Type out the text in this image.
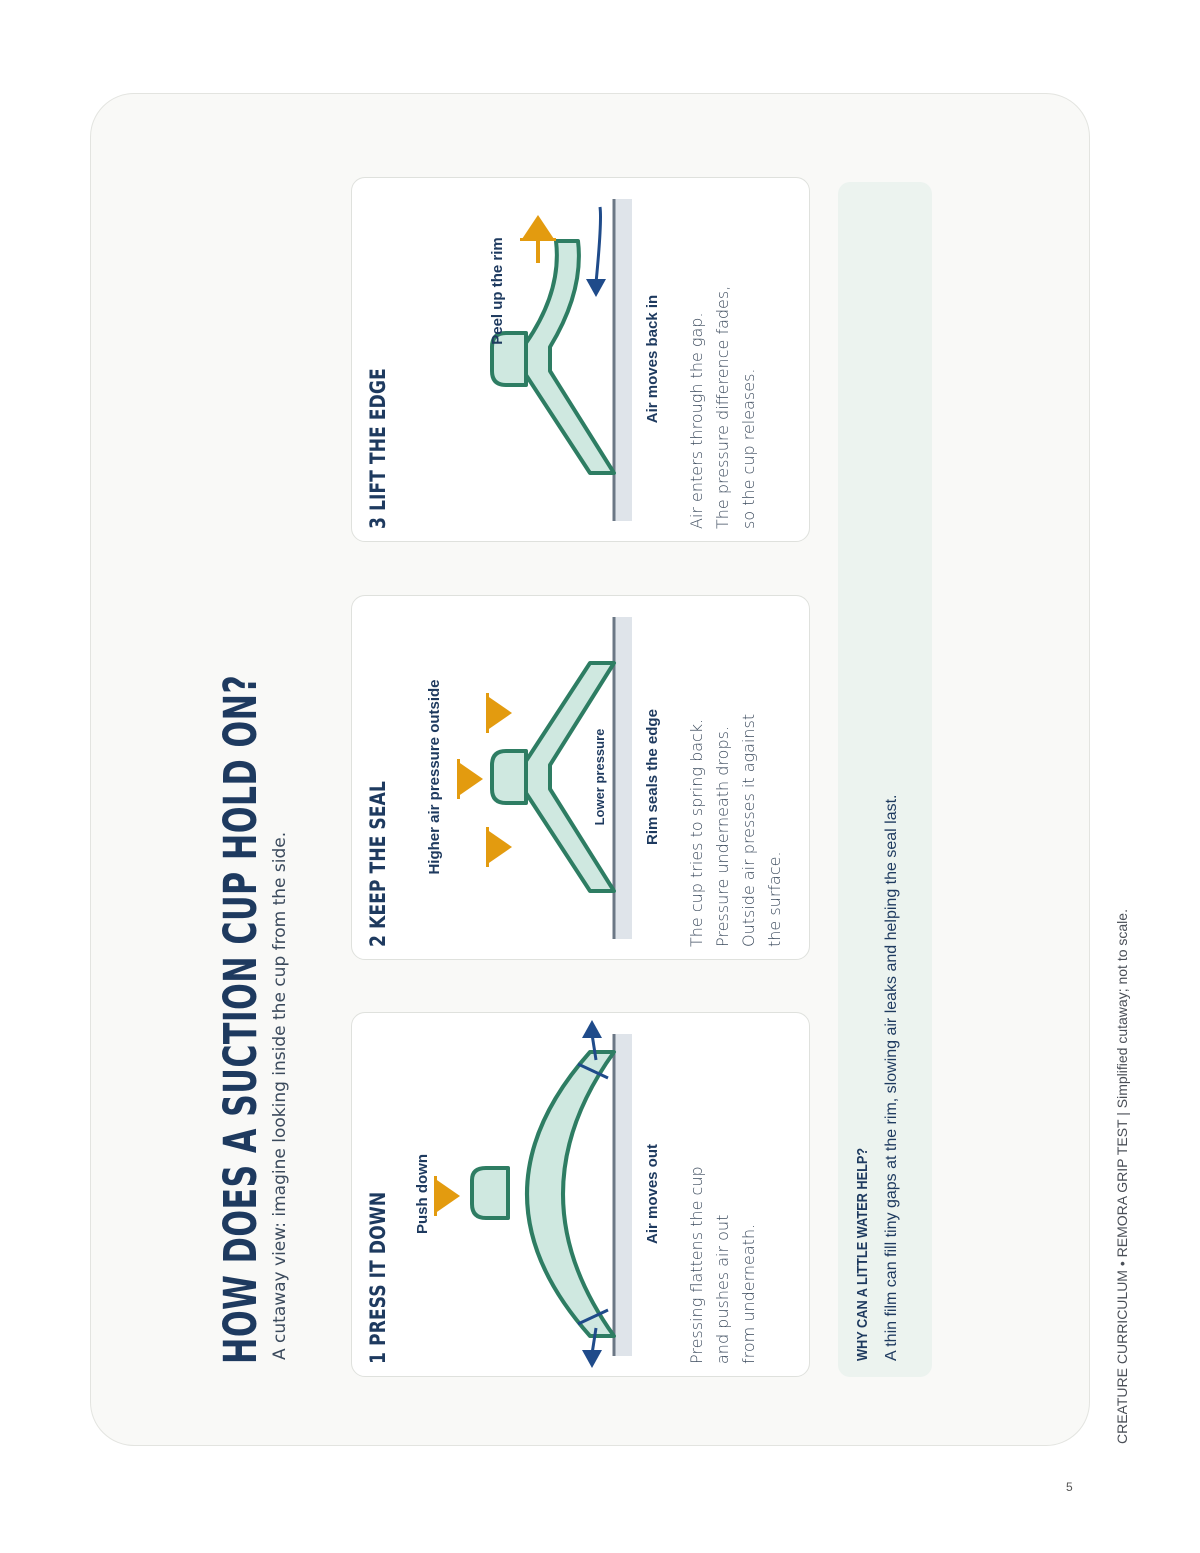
HOW DOES A SUCTION CUP HOLD ON? A cutaway view: imagine looking inside the cup from the side.	1 PRESS IT DOWN Push down	Air moves out Pressing flattens the cup and pushes air out from underneath.
2 KEEP THE SEAL Higher air pressure outside	Lower pressure Rim seals the edge The cup tries to spring back. Pressure underneath drops. Outside air presses it against the surface.
3 LIFT THE EDGE
Peel up the rim
Air moves back in Air enters through the gap. The pressure difference fades, so the cup releases.
WHY CAN A LITTLE WATER HELP? A thin film can fill tiny gaps at the rim, slowing air leaks and helping the seal last.	CREATURE CURRICULUM • REMORA GRIP TEST | Simplified cutaway; not to scale.
5
